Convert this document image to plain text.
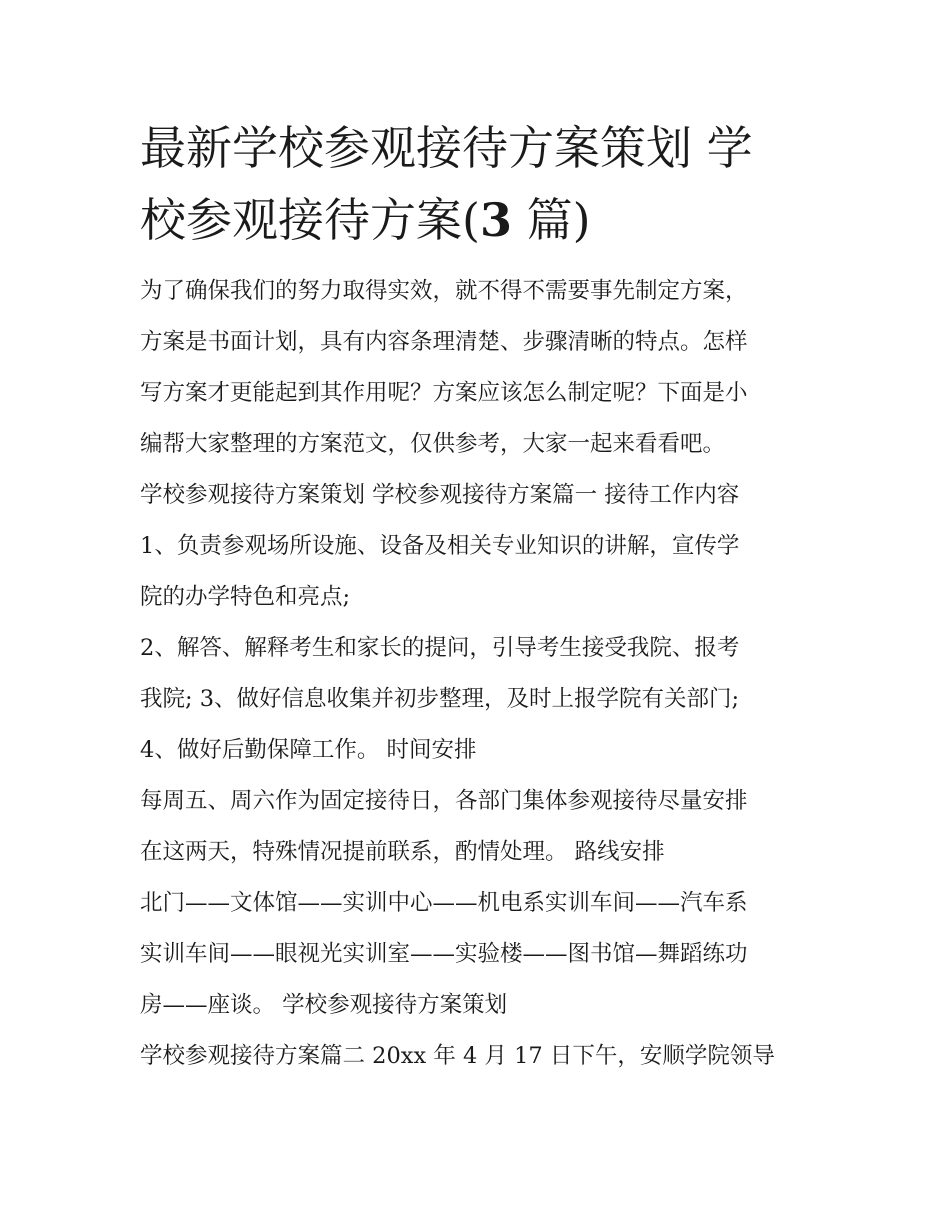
最新学校参观接待方案策划 学
校参观接待方案(3 篇)

为了确保我们的努力取得实效，就不得不需要事先制定方案，

方案是书面计划，具有内容条理清楚、步骤清晰的特点。怎样

写方案才更能起到其作用呢？方案应该怎么制定呢？下面是小

编帮大家整理的方案范文，仅供参考，大家一起来看看吧。

学校参观接待方案策划 学校参观接待方案篇一 接待工作内容

1、负责参观场所设施、设备及相关专业知识的讲解，宣传学

院的办学特色和亮点;

2、解答、解释考生和家长的提问，引导考生接受我院、报考

我院; 3、做好信息收集并初步整理，及时上报学院有关部门;

4、做好后勤保障工作。 时间安排

每周五、周六作为固定接待日，各部门集体参观接待尽量安排

在这两天，特殊情况提前联系，酌情处理。 路线安排

北门——文体馆——实训中心——机电系实训车间——汽车系

实训车间——眼视光实训室——实验楼——图书馆—舞蹈练功

房——座谈。 学校参观接待方案策划

学校参观接待方案篇二 20xx 年 4 月 17 日下午，安顺学院领导
